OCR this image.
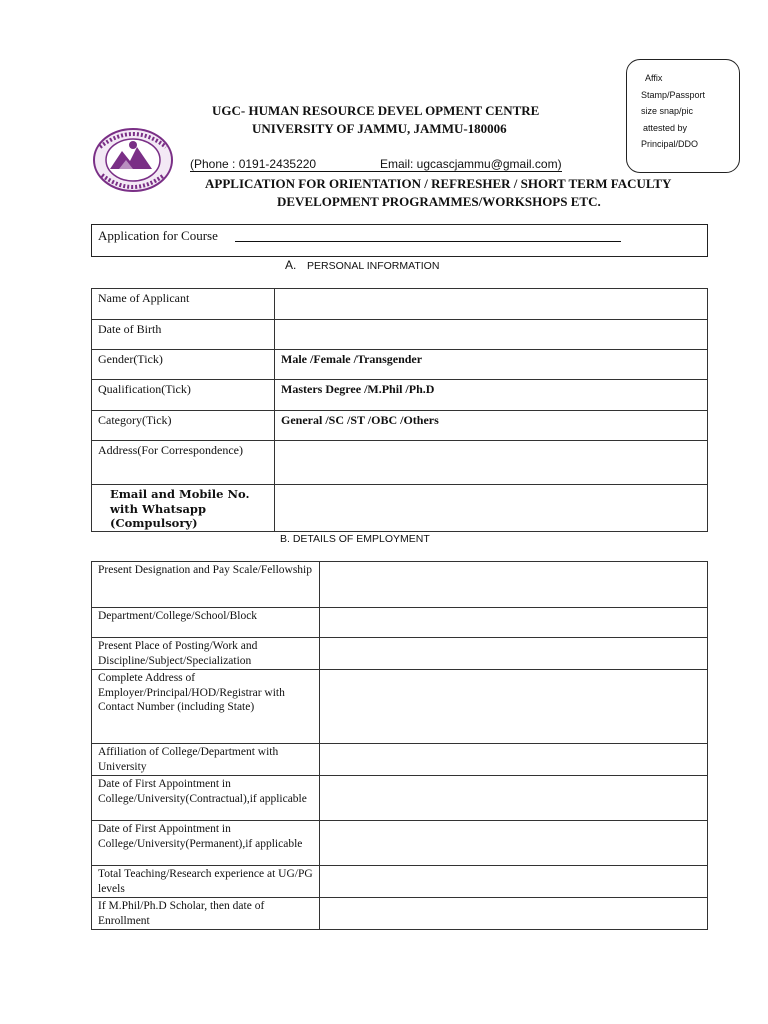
Affix
Stamp/Passport
size snap/pic
attested by
Principal/DDO
UGC- HUMAN RESOURCE DEVEL OPMENT CENTRE
UNIVERSITY OF JAMMU, JAMMU-180006
(Phone : 0191-2435220	Email: ugcascjammu@gmail.com)
APPLICATION FOR ORIENTATION / REFRESHER / SHORT TERM FACULTY
DEVELOPMENT PROGRAMMES/WORKSHOPS ETC.
Application for Course
A. PERSONAL INFORMATION
Name of Applicant	
Date of Birth	
Gender(Tick)	Male /Female /Transgender
Qualification(Tick)	Masters Degree /M.Phil /Ph.D
Category(Tick)	General /SC /ST /OBC /Others
Address(For Correspondence)	
Email and Mobile No. with Whatsapp (Compulsory)	
B. DETAILS OF EMPLOYMENT
Present Designation and Pay Scale/Fellowship	
Department/College/School/Block	
Present Place of Posting/Work and Discipline/Subject/Specialization	
Complete Address of Employer/Principal/HOD/Registrar with Contact Number (including State)	
Affiliation of College/Department with University	
Date of First Appointment in College/University(Contractual),if applicable	
Date of First Appointment in College/University(Permanent),if applicable	
Total Teaching/Research experience at UG/PG levels	
If M.Phil/Ph.D Scholar, then date of Enrollment	
